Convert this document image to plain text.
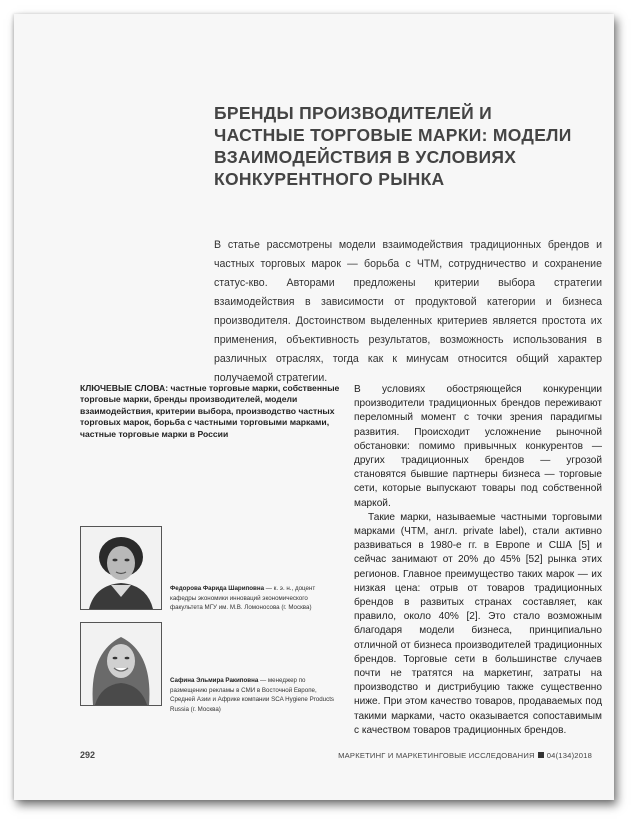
БРЕНДЫ ПРОИЗВОДИТЕЛЕЙ И ЧАСТНЫЕ ТОРГОВЫЕ МАРКИ: МОДЕЛИ ВЗАИМОДЕЙСТВИЯ В УСЛОВИЯХ КОНКУРЕНТНОГО РЫНКА

В статье рассмотрены модели взаимодействия традиционных брендов и частных торговых марок — борьба с ЧТМ, сотрудничество и сохранение статус-кво. Авторами предложены критерии выбора стратегии взаимодействия в зависимости от продуктовой категории и бизнеса производителя. Достоинством выделенных критериев является простота их применения, объективность результатов, возможность использования в различных отраслях, тогда как к минусам относится общий характер получаемой стратегии.

КЛЮЧЕВЫЕ СЛОВА: частные торговые марки, собственные торговые марки, бренды производителей, модели взаимодействия, критерии выбора, производство частных торговых марок, борьба с частными торговыми марками, частные торговые марки в России

Федорова Фарида Шариповна — к. э. н., доцент кафедры экономики инноваций экономического факультета МГУ им. М.В. Ломоносова (г. Москва)

Сафина Эльмира Ракиповна — менеджер по размещению рекламы в СМИ в Восточной Европе, Средней Азии и Африке компании SCA Hygiene Products Russia (г. Москва)

В условиях обостряющейся конкуренции производители традиционных брендов переживают переломный момент с точки зрения парадигмы развития. Происходит усложнение рыночной обстановки: помимо привычных конкурентов — других традиционных брендов — угрозой становятся бывшие партнеры бизнеса — торговые сети, которые выпускают товары под собственной маркой.

Такие марки, называемые частными торговыми марками (ЧТМ, англ. private label), стали активно развиваться в 1980-е гг. в Европе и США [5] и сейчас занимают от 20% до 45% [52] рынка этих регионов. Главное преимущество таких марок — их низкая цена: отрыв от товаров традиционных брендов в развитых странах составляет, как правило, около 40% [2]. Это стало возможным благодаря модели бизнеса, принципиально отличной от бизнеса производителей традиционных брендов. Торговые сети в большинстве случаев почти не тратятся на маркетинг, затраты на производство и дистрибуцию также существенно ниже. При этом качество товаров, продаваемых под такими марками, часто оказывается сопоставимым с качеством товаров традиционных брендов.

292	МАРКЕТИНГ И МАРКЕТИНГОВЫЕ ИССЛЕДОВАНИЯ 04(134)2018
